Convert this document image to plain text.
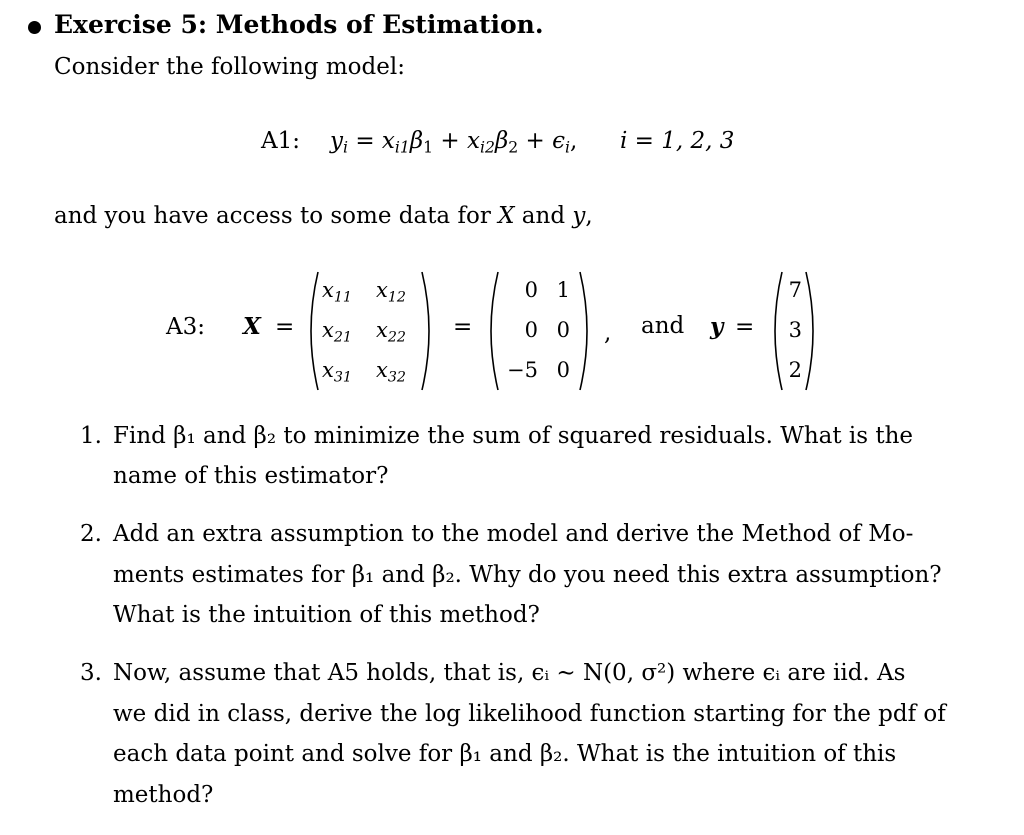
Exercise 5: Methods of Estimation.
Consider the following model:
A1: $y_i = x_{i1}\beta_1 + x_{i2}\beta_2 + \epsilon_i$, i = 1, 2, 3
and you have access to some data for X and y,
A3: X =
$x_{11}$ $x_{12}$
$x_{21}$ $x_{22}$
$x_{31}$ $x_{32}$
=
0 1
0 0
−5 0
, and y =
7
3
2
1. Find β₁ and β₂ to minimize the sum of squared residuals. What is the
name of this estimator?
2. Add an extra assumption to the model and derive the Method of Mo-
ments estimates for β₁ and β₂. Why do you need this extra assumption?
What is the intuition of this method?
3. Now, assume that A5 holds, that is, ϵᵢ ∼ N(0, σ²) where ϵᵢ are iid. As
we did in class, derive the log likelihood function starting for the pdf of
each data point and solve for β₁ and β₂. What is the intuition of this
method?
